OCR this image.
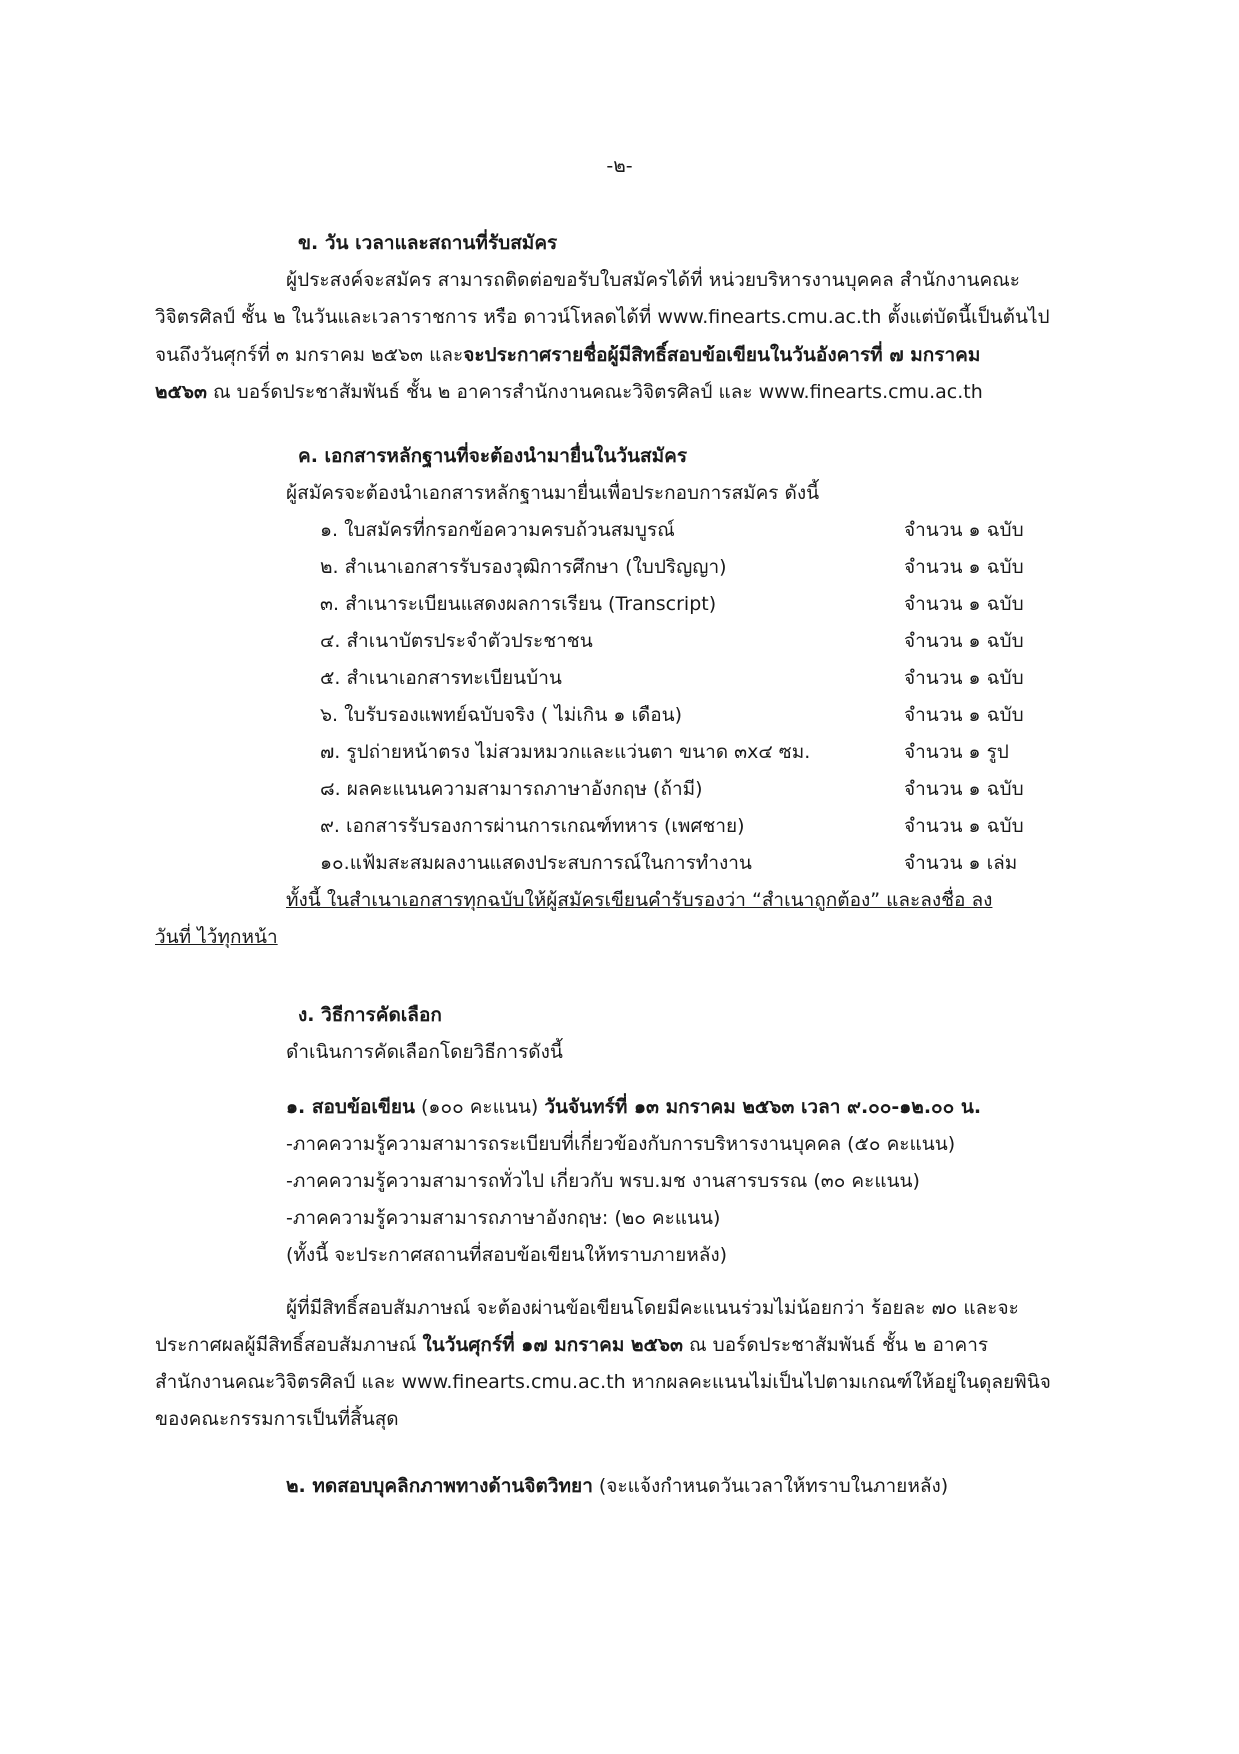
-๒-
ข. วัน เวลาและสถานที่รับสมัคร
ผู้ประสงค์จะสมัคร สามารถติดต่อขอรับใบสมัครได้ที่ หน่วยบริหารงานบุคคล สำนักงานคณะ
วิจิตรศิลป์ ชั้น ๒ ในวันและเวลาราชการ หรือ ดาวน์โหลดได้ที่ www.finearts.cmu.ac.th ตั้งแต่บัดนี้เป็นต้นไป
จนถึงวันศุกร์ที่ ๓ มกราคม ๒๕๖๓ และจะประกาศรายชื่อผู้มีสิทธิ์สอบข้อเขียนในวันอังคารที่ ๗ มกราคม
๒๕๖๓ ณ บอร์ดประชาสัมพันธ์ ชั้น ๒ อาคารสำนักงานคณะวิจิตรศิลป์ และ www.finearts.cmu.ac.th
ค. เอกสารหลักฐานที่จะต้องนำมายื่นในวันสมัคร
ผู้สมัครจะต้องนำเอกสารหลักฐานมายื่นเพื่อประกอบการสมัคร ดังนี้
๑. ใบสมัครที่กรอกข้อความครบถ้วนสมบูรณ์	จำนวน ๑ ฉบับ
๒. สำเนาเอกสารรับรองวุฒิการศึกษา (ใบปริญญา)	จำนวน ๑ ฉบับ
๓. สำเนาระเบียนแสดงผลการเรียน (Transcript)	จำนวน ๑ ฉบับ
๔. สำเนาบัตรประจำตัวประชาชน	จำนวน ๑ ฉบับ
๕. สำเนาเอกสารทะเบียนบ้าน	จำนวน ๑ ฉบับ
๖. ใบรับรองแพทย์ฉบับจริง ( ไม่เกิน ๑ เดือน)	จำนวน ๑ ฉบับ
๗. รูปถ่ายหน้าตรง ไม่สวมหมวกและแว่นตา ขนาด ๓x๔ ซม.	จำนวน ๑ รูป
๘. ผลคะแนนความสามารถภาษาอังกฤษ (ถ้ามี)	จำนวน ๑ ฉบับ
๙. เอกสารรับรองการผ่านการเกณฑ์ทหาร (เพศชาย)	จำนวน ๑ ฉบับ
๑๐.แฟ้มสะสมผลงานแสดงประสบการณ์ในการทำงาน	จำนวน ๑ เล่ม
ทั้งนี้ ในสำเนาเอกสารทุกฉบับให้ผู้สมัครเขียนคำรับรองว่า “สำเนาถูกต้อง” และลงชื่อ ลง
วันที่ ไว้ทุกหน้า
ง. วิธีการคัดเลือก
ดำเนินการคัดเลือกโดยวิธีการดังนี้
๑. สอบข้อเขียน (๑๐๐ คะแนน) วันจันทร์ที่ ๑๓ มกราคม ๒๕๖๓ เวลา ๙.๐๐-๑๒.๐๐ น.
-ภาคความรู้ความสามารถระเบียบที่เกี่ยวข้องกับการบริหารงานบุคคล (๕๐ คะแนน)
-ภาคความรู้ความสามารถทั่วไป เกี่ยวกับ พรบ.มช งานสารบรรณ (๓๐ คะแนน)
-ภาคความรู้ความสามารถภาษาอังกฤษ: (๒๐ คะแนน)
(ทั้งนี้ จะประกาศสถานที่สอบข้อเขียนให้ทราบภายหลัง)
ผู้ที่มีสิทธิ์สอบสัมภาษณ์ จะต้องผ่านข้อเขียนโดยมีคะแนนร่วมไม่น้อยกว่า ร้อยละ ๗๐ และจะ
ประกาศผลผู้มีสิทธิ์สอบสัมภาษณ์ ในวันศุกร์ที่ ๑๗ มกราคม ๒๕๖๓ ณ บอร์ดประชาสัมพันธ์ ชั้น ๒ อาคาร
สำนักงานคณะวิจิตรศิลป์ และ www.finearts.cmu.ac.th หากผลคะแนนไม่เป็นไปตามเกณฑ์ให้อยู่ในดุลยพินิจ
ของคณะกรรมการเป็นที่สิ้นสุด
๒. ทดสอบบุคลิกภาพทางด้านจิตวิทยา (จะแจ้งกำหนดวันเวลาให้ทราบในภายหลัง)
